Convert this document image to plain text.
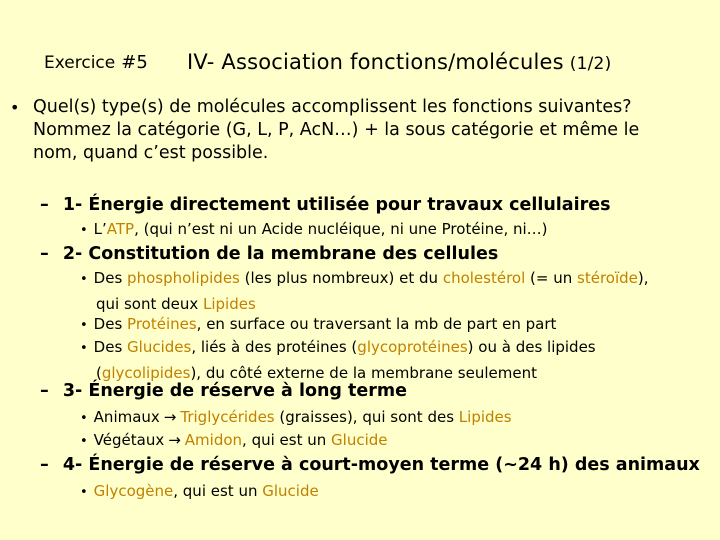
Exercice #5 IV- Association fonctions/molécules (1/2)
• Quel(s) type(s) de molécules accomplissent les fonctions suivantes?
Nommez la catégorie (G, L, P, AcN…) + la sous catégorie et même le
nom, quand c’est possible.
– 1- Énergie directement utilisée pour travaux cellulaires
• L’ATP, (qui n’est ni un Acide nucléique, ni une Protéine, ni…)
– 2- Constitution de la membrane des cellules
• Des phospholipides (les plus nombreux) et du cholestérol (= un stéroïde),
qui sont deux Lipides
• Des Protéines, en surface ou traversant la mb de part en part
• Des Glucides, liés à des protéines (glycoprotéines) ou à des lipides
(glycolipides), du côté externe de la membrane seulement
– 3- Énergie de réserve à long terme
• Animaux → Triglycérides (graisses), qui sont des Lipides
• Végétaux → Amidon, qui est un Glucide
– 4- Énergie de réserve à court-moyen terme (~24 h) des animaux
• Glycogène, qui est un Glucide
